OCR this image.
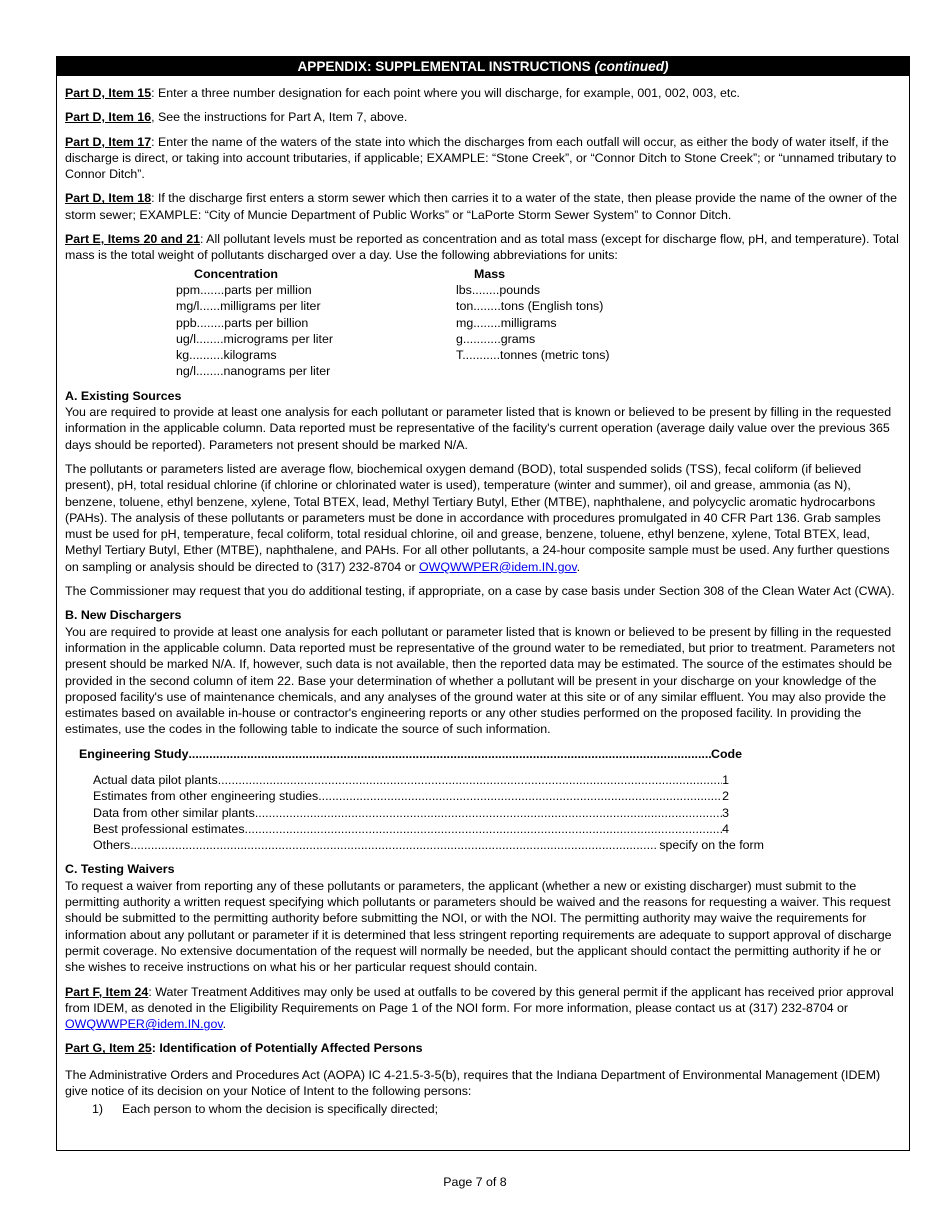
APPENDIX: SUPPLEMENTAL INSTRUCTIONS (continued)

Part D, Item 15: Enter a three number designation for each point where you will discharge, for example, 001, 002, 003, etc.

Part D, Item 16, See the instructions for Part A, Item 7, above.

Part D, Item 17: Enter the name of the waters of the state into which the discharges from each outfall will occur, as either the body of water itself, if the discharge is direct, or taking into account tributaries, if applicable; EXAMPLE: “Stone Creek”, or “Connor Ditch to Stone Creek”; or “unnamed tributary to Connor Ditch”.

Part D, Item 18: If the discharge first enters a storm sewer which then carries it to a water of the state, then please provide the name of the owner of the storm sewer; EXAMPLE: “City of Muncie Department of Public Works” or “LaPorte Storm Sewer System” to Connor Ditch.

Part E, Items 20 and 21: All pollutant levels must be reported as concentration and as total mass (except for discharge flow, pH, and temperature). Total mass is the total weight of pollutants discharged over a day. Use the following abbreviations for units:

Concentration
ppm.......parts per million
mg/l......milligrams per liter
ppb........parts per billion
ug/l........micrograms per liter
kg..........kilograms
ng/l........nanograms per liter
Mass
lbs........pounds
ton........tons (English tons)
mg........milligrams
g...........grams
T...........tonnes (metric tons)
A. Existing Sources

You are required to provide at least one analysis for each pollutant or parameter listed that is known or believed to be present by filling in the requested information in the applicable column. Data reported must be representative of the facility's current operation (average daily value over the previous 365 days should be reported). Parameters not present should be marked N/A.

The pollutants or parameters listed are average flow, biochemical oxygen demand (BOD), total suspended solids (TSS), fecal coliform (if believed present), pH, total residual chlorine (if chlorine or chlorinated water is used), temperature (winter and summer), oil and grease, ammonia (as N), benzene, toluene, ethyl benzene, xylene, Total BTEX, lead, Methyl Tertiary Butyl, Ether (MTBE), naphthalene, and polycyclic aromatic hydrocarbons (PAHs). The analysis of these pollutants or parameters must be done in accordance with procedures promulgated in 40 CFR Part 136. Grab samples must be used for pH, temperature, fecal coliform, total residual chlorine, oil and grease, benzene, toluene, ethyl benzene, xylene, Total BTEX, lead, Methyl Tertiary Butyl, Ether (MTBE), naphthalene, and PAHs. For all other pollutants, a 24-hour composite sample must be used. Any further questions on sampling or analysis should be directed to (317) 232-8704 or OWQWWPER@idem.IN.gov.

The Commissioner may request that you do additional testing, if appropriate, on a case by case basis under Section 308 of the Clean Water Act (CWA).

B. New Dischargers

You are required to provide at least one analysis for each pollutant or parameter listed that is known or believed to be present by filling in the requested information in the applicable column. Data reported must be representative of the ground water to be remediated, but prior to treatment. Parameters not present should be marked N/A. If, however, such data is not available, then the reported data may be estimated. The source of the estimates should be provided in the second column of item 22. Base your determination of whether a pollutant will be present in your discharge on your knowledge of the proposed facility's use of maintenance chemicals, and any analyses of the ground water at this site or of any similar effluent. You may also provide the estimates based on available in-house or contractor's engineering reports or any other studies performed on the proposed facility. In providing the estimates, use the codes in the following table to indicate the source of such information.

Engineering Study .....	Code
Actual data pilot plants .....	1
Estimates from other engineering studies .....	2
Data from other similar plants .....	3
Best professional estimates .....	4
Others .....	specify on the form
C. Testing Waivers

To request a waiver from reporting any of these pollutants or parameters, the applicant (whether a new or existing discharger) must submit to the permitting authority a written request specifying which pollutants or parameters should be waived and the reasons for requesting a waiver. This request should be submitted to the permitting authority before submitting the NOI, or with the NOI. The permitting authority may waive the requirements for information about any pollutant or parameter if it is determined that less stringent reporting requirements are adequate to support approval of discharge permit coverage. No extensive documentation of the request will normally be needed, but the applicant should contact the permitting authority if he or she wishes to receive instructions on what his or her particular request should contain.

Part F, Item 24: Water Treatment Additives may only be used at outfalls to be covered by this general permit if the applicant has received prior approval from IDEM, as denoted in the Eligibility Requirements on Page 1 of the NOI form. For more information, please contact us at (317) 232-8704 or OWQWWPER@idem.IN.gov.

Part G, Item 25: Identification of Potentially Affected Persons

The Administrative Orders and Procedures Act (AOPA) IC 4-21.5-3-5(b), requires that the Indiana Department of Environmental Management (IDEM) give notice of its decision on your Notice of Intent to the following persons:

1) Each person to whom the decision is specifically directed;
Page 7 of 8
